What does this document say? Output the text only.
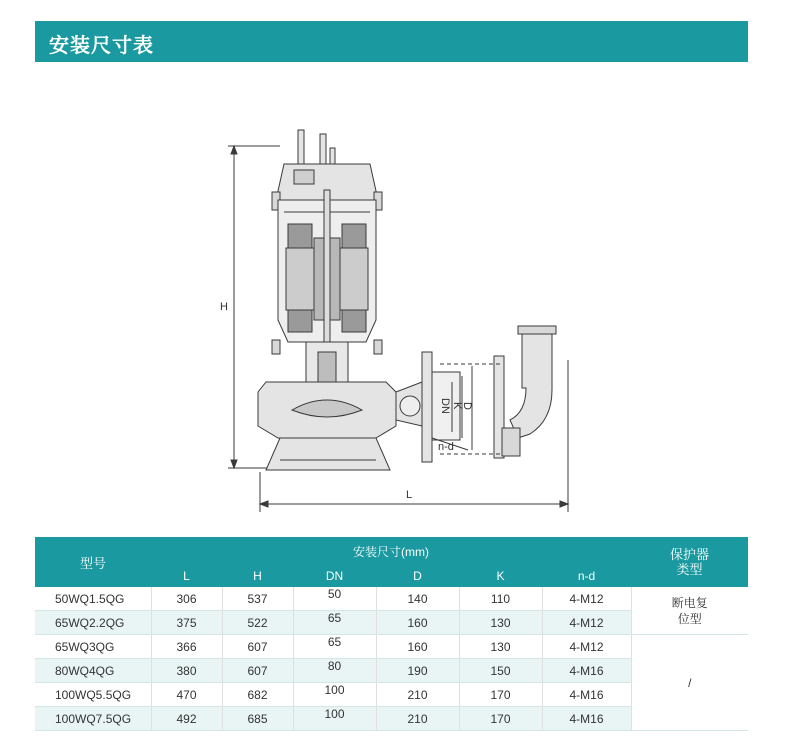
安装尺寸表
H
L
DN K
D
n-d
型号	安装尺寸(mm)						保护器类型
	L	H	DN	D	K	n-d	
50WQ1.5QG	306	537	50	140	110	4-M12	断电复位型
65WQ2.2QG	375	522	65	160	130	4-M12	
65WQ3QG	366	607	65	160	130	4-M12	/
80WQ4QG	380	607	80	190	150	4-M16	
100WQ5.5QG	470	682	100	210	170	4-M16	
100WQ7.5QG	492	685	100	210	170	4-M16	
